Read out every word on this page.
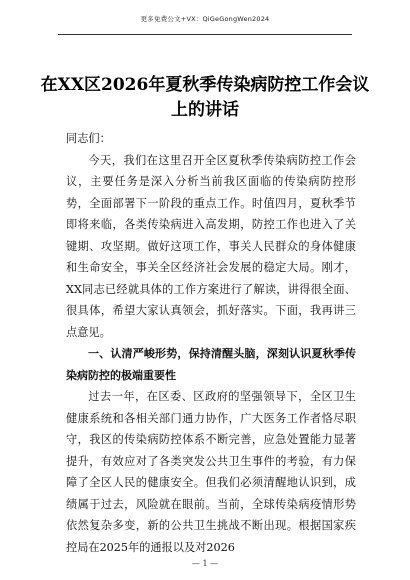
更多免费公文+VX：QiGeGongWen2024
在XX区2026年夏秋季传染病防控工作会议上的讲话

同志们：

今天，我们在这里召开全区夏秋季传染病防控工作会议，主要任务是深入分析当前我区面临的传染病防控形势，全面部署下一阶段的重点工作。时值四月，夏秋季节即将来临，各类传染病进入高发期，防控工作也进入了关键期、攻坚期。做好这项工作，事关人民群众的身体健康和生命安全，事关全区经济社会发展的稳定大局。刚才，XX同志已经就具体的工作方案进行了解读，讲得很全面、很具体，希望大家认真领会，抓好落实。下面，我再讲三点意见。

一、认清严峻形势，保持清醒头脑，深刻认识夏秋季传染病防控的极端重要性

过去一年，在区委、区政府的坚强领导下，全区卫生健康系统和各相关部门通力协作，广大医务工作者恪尽职守，我区的传染病防控体系不断完善，应急处置能力显著提升，有效应对了各类突发公共卫生事件的考验，有力保障了全区人民的健康安全。但我们必须清醒地认识到，成绩属于过去，风险就在眼前。当前，全球传染病疫情形势依然复杂多变，新的公共卫生挑战不断出现。根据国家疾控局在2025年的通报以及对2026

— 1 —
